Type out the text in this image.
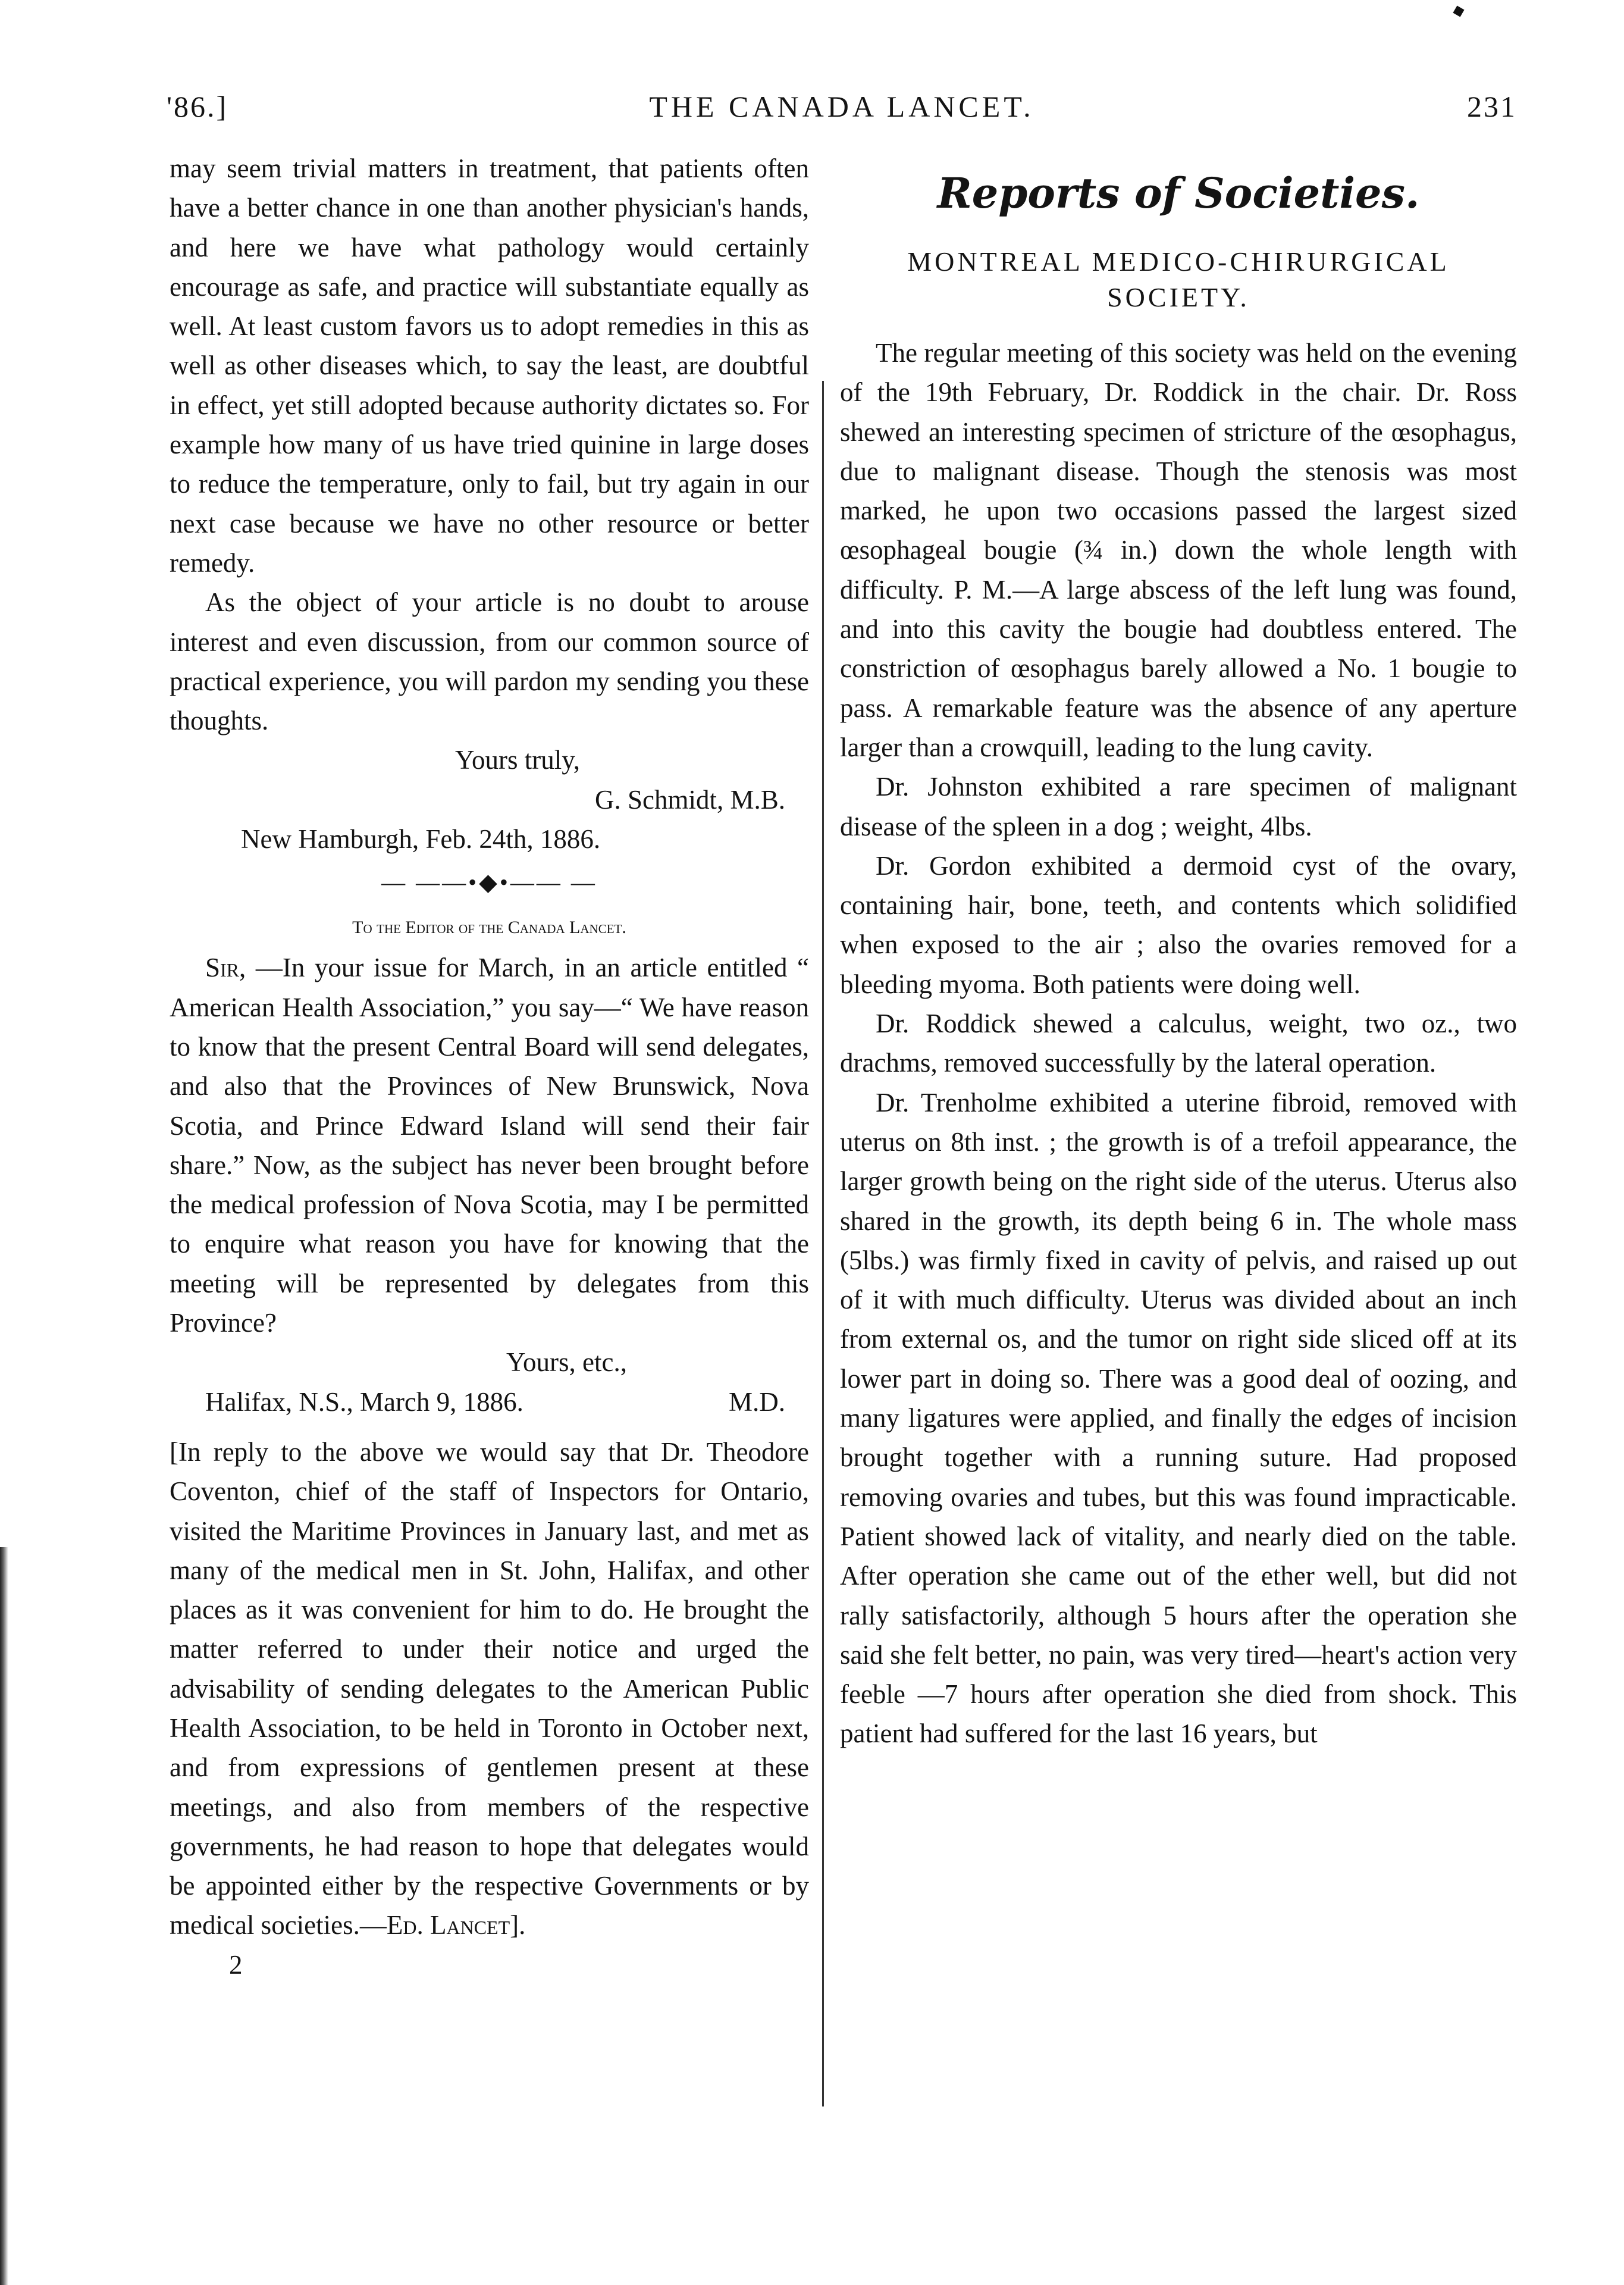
'86.]	THE CANADA LANCET.	231

may seem trivial matters in treatment, that patients often have a better chance in one than another physician's hands, and here we have what pathology would certainly encourage as safe, and practice will substantiate equally as well. At least custom favors us to adopt remedies in this as well as other diseases which, to say the least, are doubtful in effect, yet still adopted because authority dictates so. For example how many of us have tried quinine in large doses to reduce the temperature, only to fail, but try again in our next case because we have no other resource or better remedy.

As the object of your article is no doubt to arouse interest and even discussion, from our common source of practical experience, you will pardon my sending you these thoughts.

Yours truly,

G. Schmidt, M.B.

New Hamburgh, Feb. 24th, 1886.

— ——•◆•—— —
To the Editor of the Canada Lancet.

Sir, —In your issue for March, in an article entitled “ American Health Association,” you say—“ We have reason to know that the present Central Board will send delegates, and also that the Provinces of New Brunswick, Nova Scotia, and Prince Edward Island will send their fair share.” Now, as the subject has never been brought before the medical profession of Nova Scotia, may I be permitted to enquire what reason you have for knowing that the meeting will be represented by delegates from this Province?

Yours, etc.,

Halifax, N.S., March 9, 1886.	M.D.

[In reply to the above we would say that Dr. Theodore Coventon, chief of the staff of Inspectors for Ontario, visited the Maritime Provinces in January last, and met as many of the medical men in St. John, Halifax, and other places as it was convenient for him to do. He brought the matter referred to under their notice and urged the advisability of sending delegates to the American Public Health Association, to be held in Toronto in October next, and from expressions of gentlemen present at these meetings, and also from members of the respective governments, he had reason to hope that delegates would be appointed either by the respective Governments or by medical societies.—Ed. Lancet].

2

Reports of Societies.
MONTREAL MEDICO-CHIRURGICAL SOCIETY.

The regular meeting of this society was held on the evening of the 19th February, Dr. Roddick in the chair. Dr. Ross shewed an interesting specimen of stricture of the œsophagus, due to malignant disease. Though the stenosis was most marked, he upon two occasions passed the largest sized œsophageal bougie (¾ in.) down the whole length with difficulty. P. M.—A large abscess of the left lung was found, and into this cavity the bougie had doubtless entered. The constriction of œsophagus barely allowed a No. 1 bougie to pass. A remarkable feature was the absence of any aperture larger than a crowquill, leading to the lung cavity.

Dr. Johnston exhibited a rare specimen of malignant disease of the spleen in a dog ; weight, 4lbs.

Dr. Gordon exhibited a dermoid cyst of the ovary, containing hair, bone, teeth, and contents which solidified when exposed to the air ; also the ovaries removed for a bleeding myoma. Both patients were doing well.

Dr. Roddick shewed a calculus, weight, two oz., two drachms, removed successfully by the lateral operation.

Dr. Trenholme exhibited a uterine fibroid, removed with uterus on 8th inst. ; the growth is of a trefoil appearance, the larger growth being on the right side of the uterus. Uterus also shared in the growth, its depth being 6 in. The whole mass (5lbs.) was firmly fixed in cavity of pelvis, and raised up out of it with much difficulty. Uterus was divided about an inch from external os, and the tumor on right side sliced off at its lower part in doing so. There was a good deal of oozing, and many ligatures were applied, and finally the edges of incision brought together with a running suture. Had proposed removing ovaries and tubes, but this was found impracticable. Patient showed lack of vitality, and nearly died on the table. After operation she came out of the ether well, but did not rally satisfactorily, although 5 hours after the operation she said she felt better, no pain, was very tired—heart's action very feeble —7 hours after operation she died from shock. This patient had suffered for the last 16 years, but
